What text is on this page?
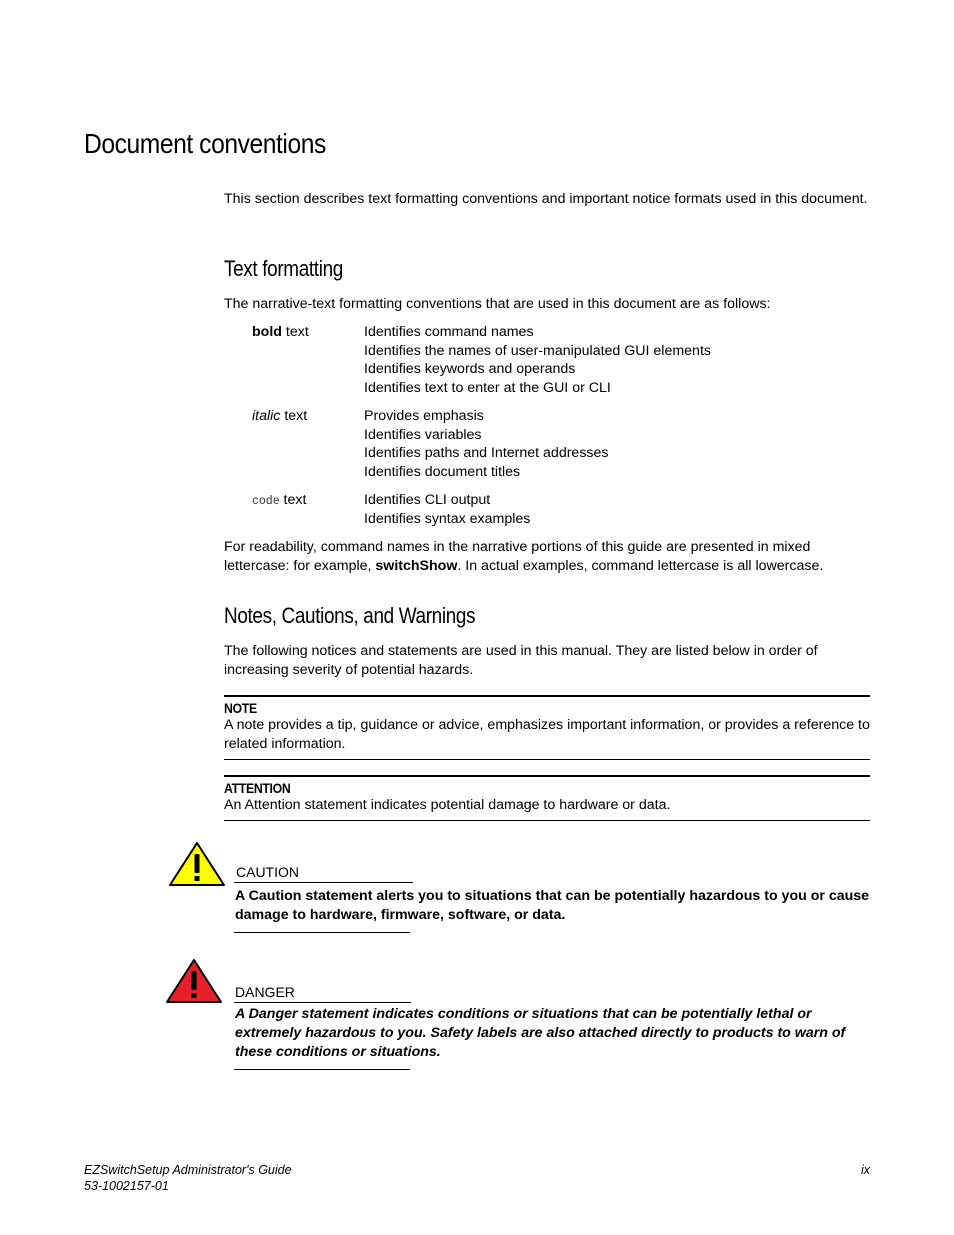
Document conventions

This section describes text formatting conventions and important notice formats used in this document.

Text formatting

The narrative-text formatting conventions that are used in this document are as follows:

bold text	Identifies command names
Identifies the names of user-manipulated GUI elements
Identifies keywords and operands
Identifies text to enter at the GUI or CLI
italic text	Provides emphasis
Identifies variables
Identifies paths and Internet addresses
Identifies document titles
code text	Identifies CLI output
Identifies syntax examples

For readability, command names in the narrative portions of this guide are presented in mixed lettercase: for example, switchShow. In actual examples, command lettercase is all lowercase.

Notes, Cautions, and Warnings

The following notices and statements are used in this manual. They are listed below in order of increasing severity of potential hazards.

NOTE

A note provides a tip, guidance or advice, emphasizes important information, or provides a reference to related information.

ATTENTION

An Attention statement indicates potential damage to hardware or data.

CAUTION

A Caution statement alerts you to situations that can be potentially hazardous to you or cause damage to hardware, firmware, software, or data.

DANGER

A Danger statement indicates conditions or situations that can be potentially lethal or extremely hazardous to you. Safety labels are also attached directly to products to warn of these conditions or situations.

EZSwitchSetup Administrator's Guide
53-1002157-01
ix
